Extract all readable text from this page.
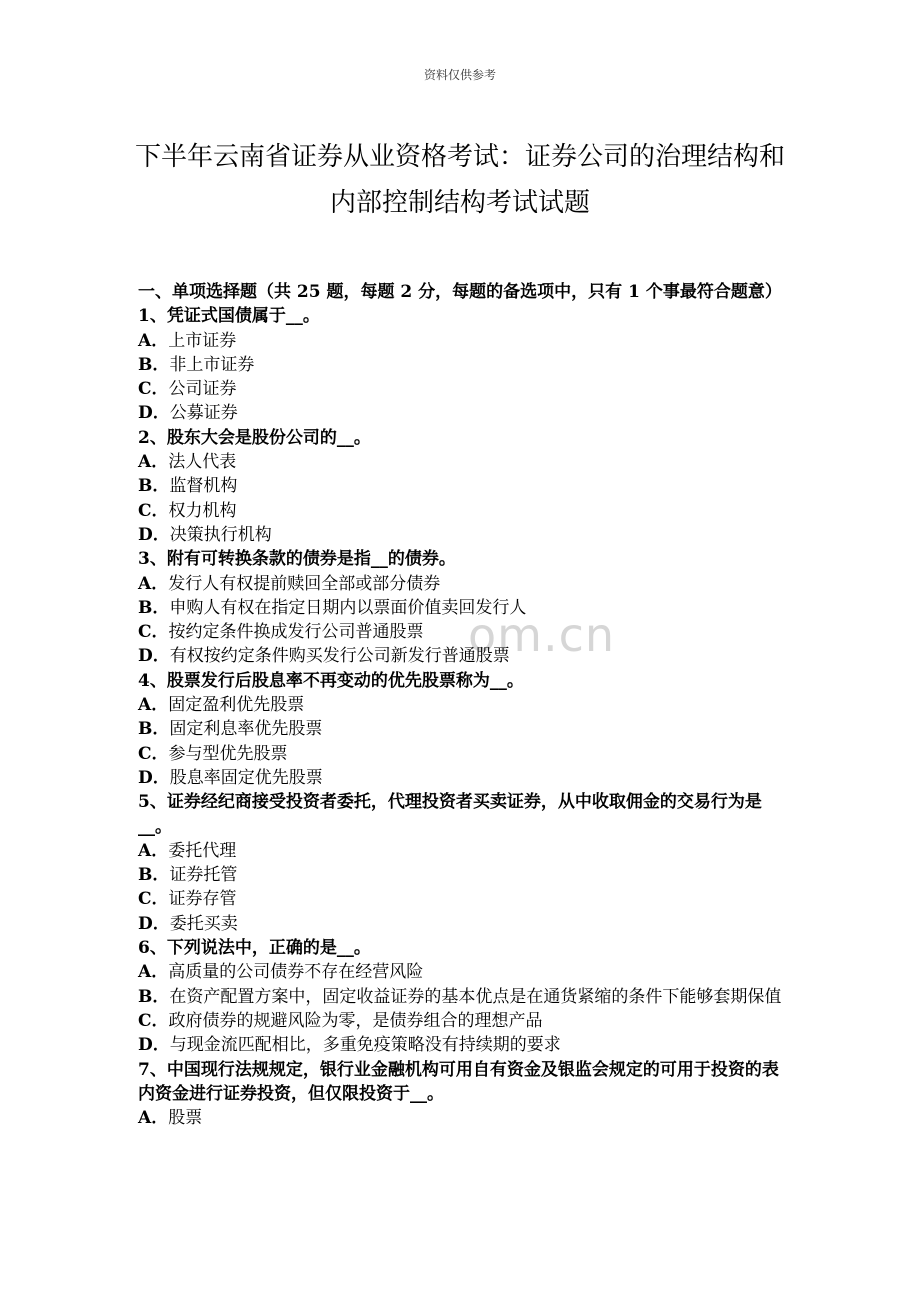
资料仅供参考
下半年云南省证券从业资格考试：证券公司的治理结构和
内部控制结构考试试题
om.cn
一、单项选择题（共 25 题，每题 2 分，每题的备选项中，只有 1 个事最符合题意）
1、凭证式国债属于__。
A．上市证券
B．非上市证券
C．公司证券
D．公募证券
2、股东大会是股份公司的__。
A．法人代表
B．监督机构
C．权力机构
D．决策执行机构
3、附有可转换条款的债券是指__的债券。
A．发行人有权提前赎回全部或部分债券
B．申购人有权在指定日期内以票面价值卖回发行人
C．按约定条件换成发行公司普通股票
D．有权按约定条件购买发行公司新发行普通股票
4、股票发行后股息率不再变动的优先股票称为__。
A．固定盈利优先股票
B．固定利息率优先股票
C．参与型优先股票
D．股息率固定优先股票
5、证券经纪商接受投资者委托，代理投资者买卖证券，从中收取佣金的交易行为是__。
A．委托代理
B．证券托管
C．证券存管
D．委托买卖
6、下列说法中，正确的是__。
A．高质量的公司债券不存在经营风险
B．在资产配置方案中，固定收益证券的基本优点是在通货紧缩的条件下能够套期保值
C．政府债券的规避风险为零，是债券组合的理想产品
D．与现金流匹配相比，多重免疫策略没有持续期的要求
7、中国现行法规规定，银行业金融机构可用自有资金及银监会规定的可用于投资的表内资金进行证券投资，但仅限投资于__。
A．股票
